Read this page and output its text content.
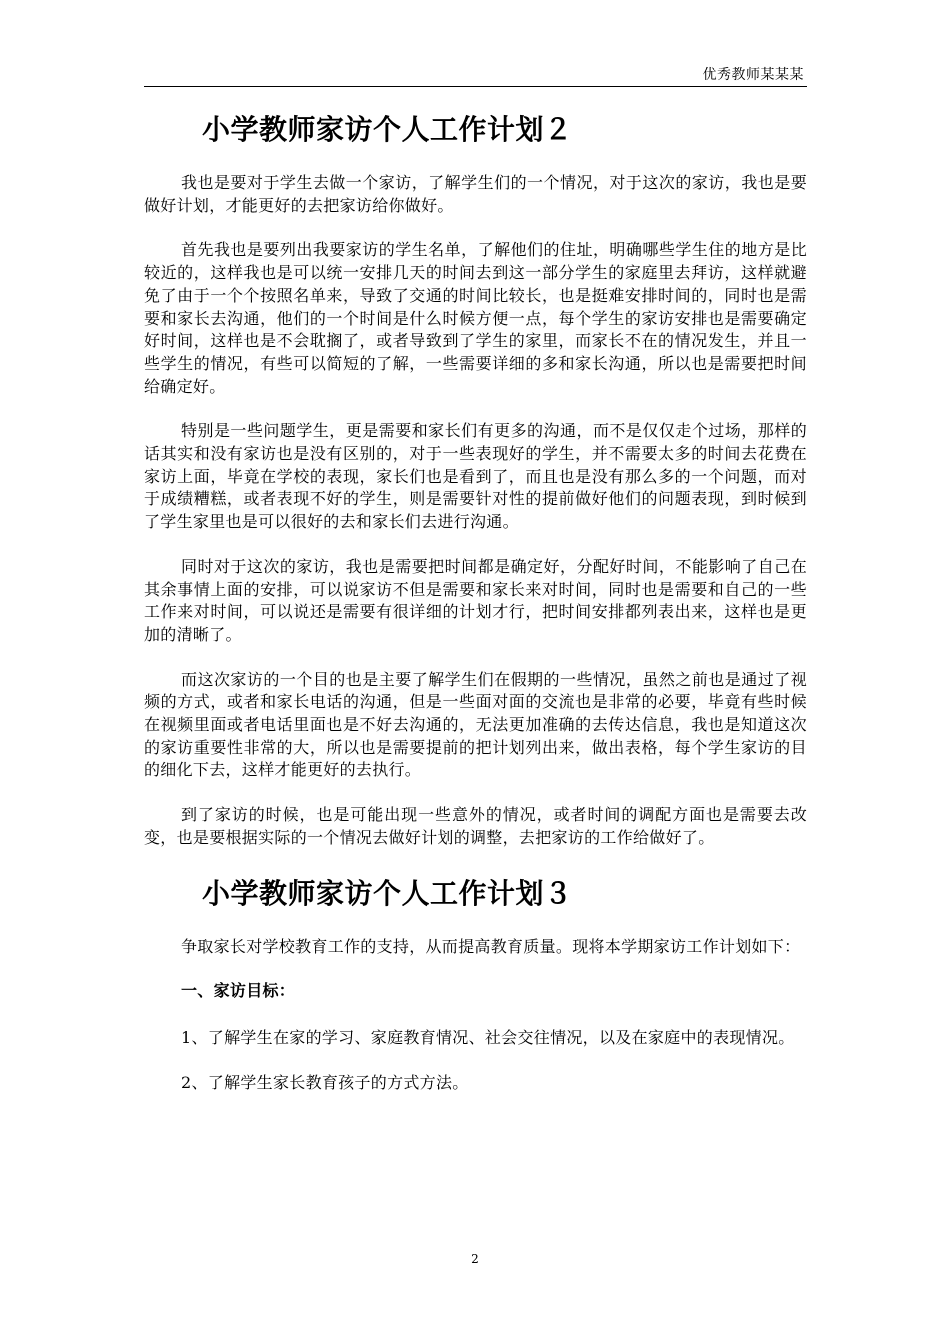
优秀教师某某某
小学教师家访个人工作计划２

我也是要对于学生去做一个家访，了解学生们的一个情况，对于这次的家访，我也是要做好计划，才能更好的去把家访给你做好。

首先我也是要列出我要家访的学生名单，了解他们的住址，明确哪些学生住的地方是比较近的，这样我也是可以统一安排几天的时间去到这一部分学生的家庭里去拜访，这样就避免了由于一个个按照名单来，导致了交通的时间比较长，也是挺难安排时间的，同时也是需要和家长去沟通，他们的一个时间是什么时候方便一点，每个学生的家访安排也是需要确定好时间，这样也是不会耽搁了，或者导致到了学生的家里，而家长不在的情况发生，并且一些学生的情况，有些可以简短的了解，一些需要详细的多和家长沟通，所以也是需要把时间给确定好。

特别是一些问题学生，更是需要和家长们有更多的沟通，而不是仅仅走个过场，那样的话其实和没有家访也是没有区别的，对于一些表现好的学生，并不需要太多的时间去花费在家访上面，毕竟在学校的表现，家长们也是看到了，而且也是没有那么多的一个问题，而对于成绩糟糕，或者表现不好的学生，则是需要针对性的提前做好他们的问题表现，到时候到了学生家里也是可以很好的去和家长们去进行沟通。

同时对于这次的家访，我也是需要把时间都是确定好，分配好时间，不能影响了自己在其余事情上面的安排，可以说家访不但是需要和家长来对时间，同时也是需要和自己的一些工作来对时间，可以说还是需要有很详细的计划才行，把时间安排都列表出来，这样也是更加的清晰了。

而这次家访的一个目的也是主要了解学生们在假期的一些情况，虽然之前也是通过了视频的方式，或者和家长电话的沟通，但是一些面对面的交流也是非常的必要，毕竟有些时候在视频里面或者电话里面也是不好去沟通的，无法更加准确的去传达信息，我也是知道这次的家访重要性非常的大，所以也是需要提前的把计划列出来，做出表格，每个学生家访的目的细化下去，这样才能更好的去执行。

到了家访的时候，也是可能出现一些意外的情况，或者时间的调配方面也是需要去改变，也是要根据实际的一个情况去做好计划的调整，去把家访的工作给做好了。

小学教师家访个人工作计划３

争取家长对学校教育工作的支持，从而提高教育质量。现将本学期家访工作计划如下：

一、家访目标：

1、了解学生在家的学习、家庭教育情况、社会交往情况，以及在家庭中的表现情况。

2、了解学生家长教育孩子的方式方法。

2
